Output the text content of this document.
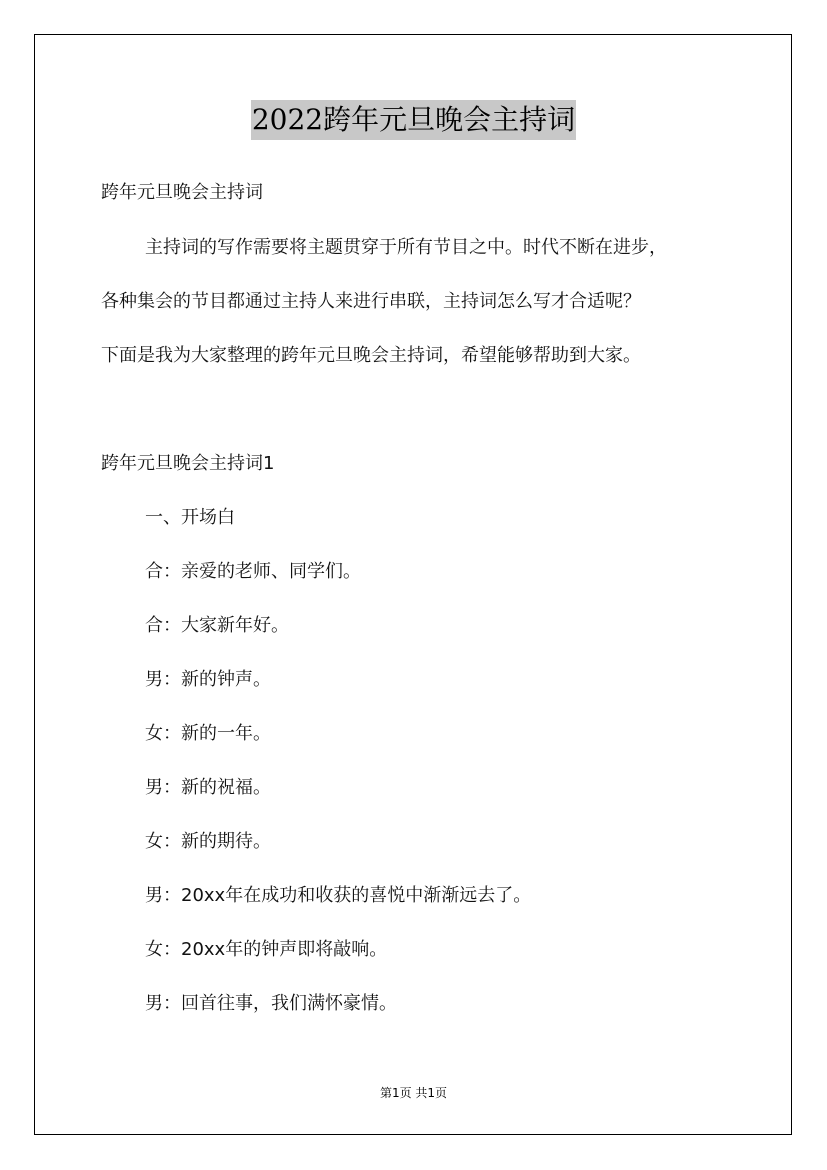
2022跨年元旦晚会主持词
跨年元旦晚会主持词
主持词的写作需要将主题贯穿于所有节目之中。时代不断在进步，
各种集会的节目都通过主持人来进行串联，主持词怎么写才合适呢？
下面是我为大家整理的跨年元旦晚会主持词，希望能够帮助到大家。
跨年元旦晚会主持词1
一、开场白
合：亲爱的老师、同学们。
合：大家新年好。
男：新的钟声。
女：新的一年。
男：新的祝福。
女：新的期待。
男：20xx年在成功和收获的喜悦中渐渐远去了。
女：20xx年的钟声即将敲响。
男：回首往事，我们满怀豪情。
第1页 共1页
